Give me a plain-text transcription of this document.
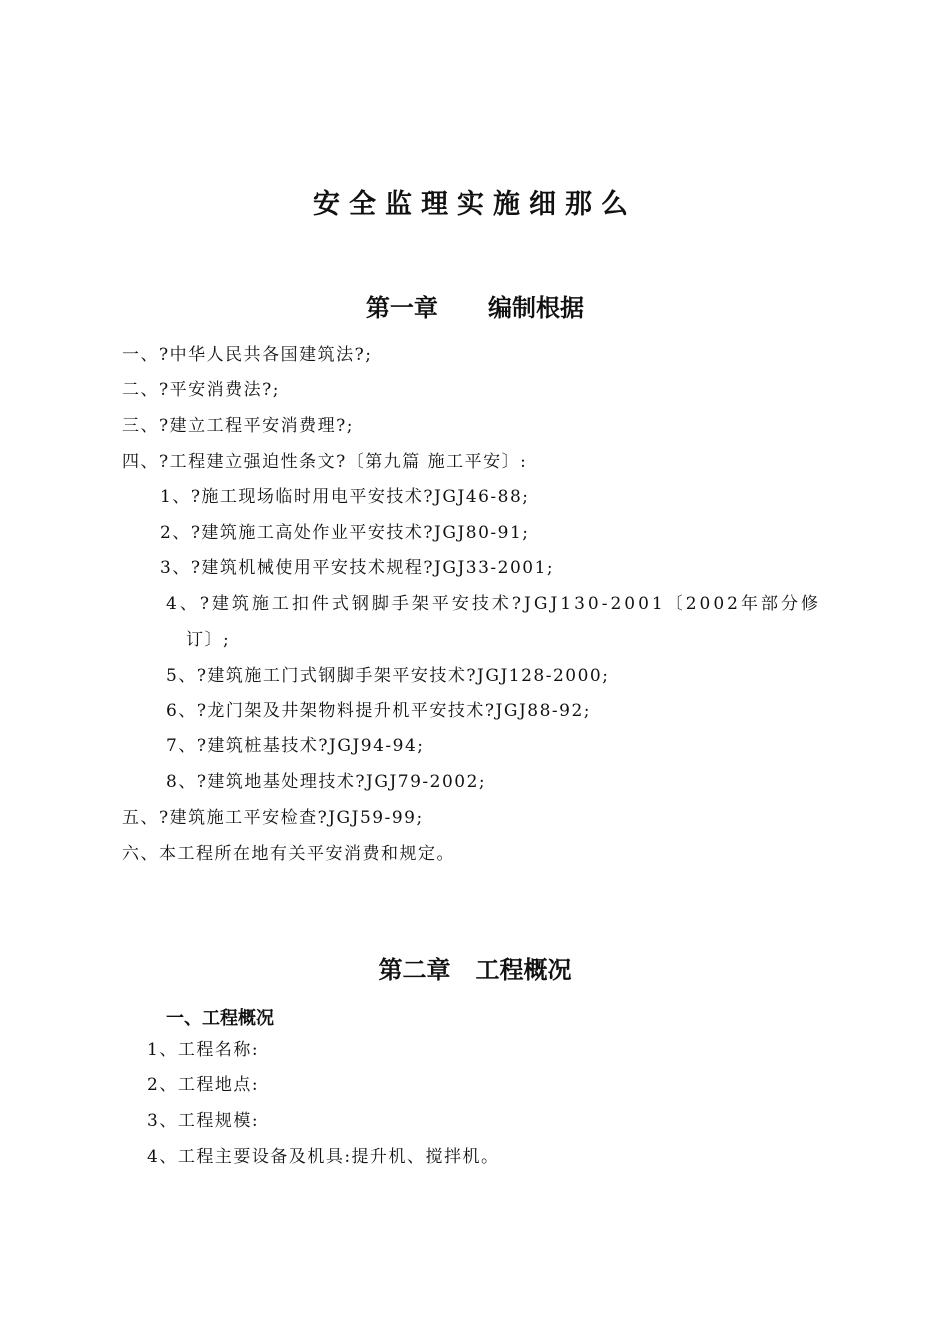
安全监理实施细那么
第一章      编制根据
一、?中华人民共各国建筑法?;
二、?平安消费法?;
三、?建立工程平安消费理?;
四、?工程建立强迫性条文?〔第九篇 施工平安〕:
1、?施工现场临时用电平安技术?JGJ46-88;
2、?建筑施工高处作业平安技术?JGJ80-91;
3、?建筑机械使用平安技术规程?JGJ33-2001;
4、?建筑施工扣件式钢脚手架平安技术?JGJ130-2001〔2002年部分修
订〕;
5、?建筑施工门式钢脚手架平安技术?JGJ128-2000;
6、?龙门架及井架物料提升机平安技术?JGJ88-92;
7、?建筑桩基技术?JGJ94-94;
8、?建筑地基处理技术?JGJ79-2002;
五、?建筑施工平安检查?JGJ59-99;
六、本工程所在地有关平安消费和规定。
第二章   工程概况
一、工程概况
1、工程名称:
2、工程地点:
3、工程规模:
4、工程主要设备及机具:提升机、搅拌机。
